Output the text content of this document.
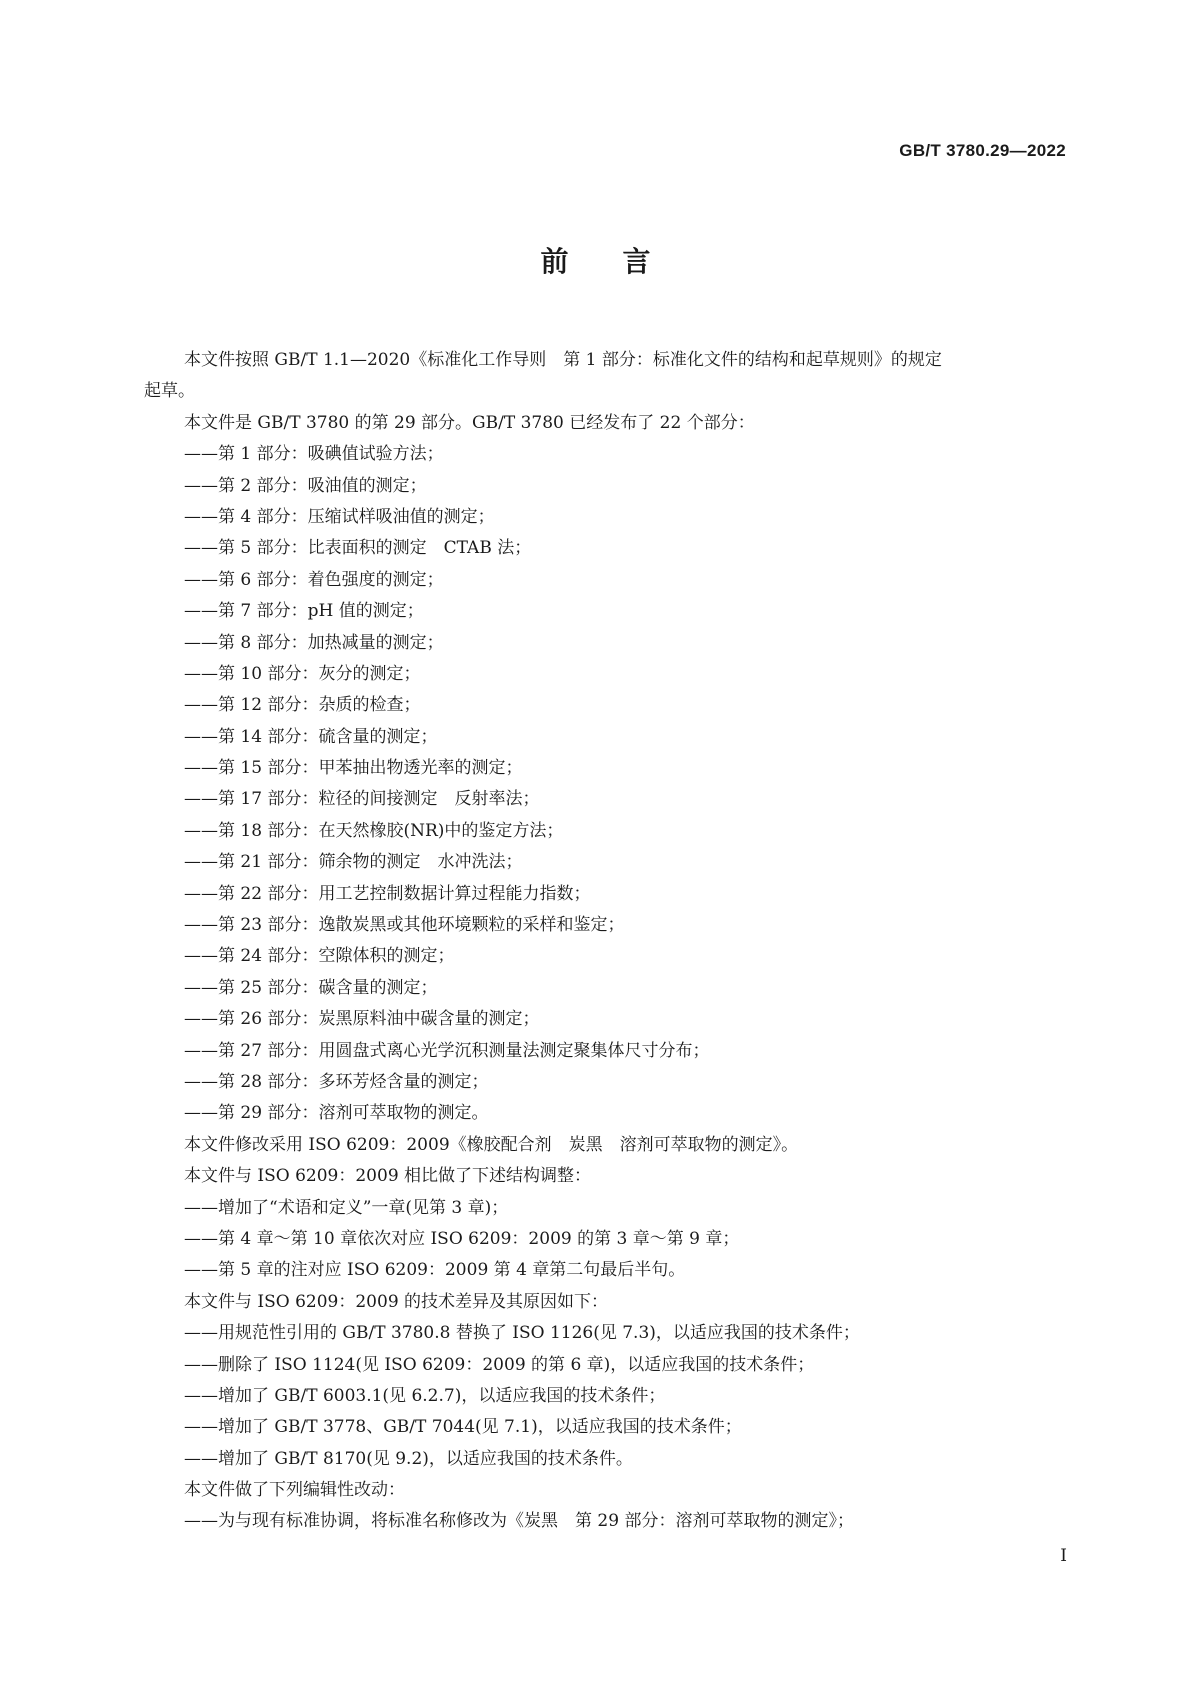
GB/T 3780.29—2022
前言
本文件按照 GB/T 1.1—2020《标准化工作导则　第 1 部分：标准化文件的结构和起草规则》的规定
起草。
本文件是 GB/T 3780 的第 29 部分。GB/T 3780 已经发布了 22 个部分：
——第 1 部分：吸碘值试验方法；
——第 2 部分：吸油值的测定；
——第 4 部分：压缩试样吸油值的测定；
——第 5 部分：比表面积的测定　CTAB 法；
——第 6 部分：着色强度的测定；
——第 7 部分：pH 值的测定；
——第 8 部分：加热减量的测定；
——第 10 部分：灰分的测定；
——第 12 部分：杂质的检查；
——第 14 部分：硫含量的测定；
——第 15 部分：甲苯抽出物透光率的测定；
——第 17 部分：粒径的间接测定　反射率法；
——第 18 部分：在天然橡胶(NR)中的鉴定方法；
——第 21 部分：筛余物的测定　水冲洗法；
——第 22 部分：用工艺控制数据计算过程能力指数；
——第 23 部分：逸散炭黑或其他环境颗粒的采样和鉴定；
——第 24 部分：空隙体积的测定；
——第 25 部分：碳含量的测定；
——第 26 部分：炭黑原料油中碳含量的测定；
——第 27 部分：用圆盘式离心光学沉积测量法测定聚集体尺寸分布；
——第 28 部分：多环芳烃含量的测定；
——第 29 部分：溶剂可萃取物的测定。
本文件修改采用 ISO 6209：2009《橡胶配合剂　炭黑　溶剂可萃取物的测定》。
本文件与 ISO 6209：2009 相比做了下述结构调整：
——增加了“术语和定义”一章(见第 3 章)；
——第 4 章～第 10 章依次对应 ISO 6209：2009 的第 3 章～第 9 章；
——第 5 章的注对应 ISO 6209：2009 第 4 章第二句最后半句。
本文件与 ISO 6209：2009 的技术差异及其原因如下：
——用规范性引用的 GB/T 3780.8 替换了 ISO 1126(见 7.3)，以适应我国的技术条件；
——删除了 ISO 1124(见 ISO 6209：2009 的第 6 章)，以适应我国的技术条件；
——增加了 GB/T 6003.1(见 6.2.7)，以适应我国的技术条件；
——增加了 GB/T 3778、GB/T 7044(见 7.1)，以适应我国的技术条件；
——增加了 GB/T 8170(见 9.2)，以适应我国的技术条件。
本文件做了下列编辑性改动：
——为与现有标准协调，将标准名称修改为《炭黑　第 29 部分：溶剂可萃取物的测定》；
I
